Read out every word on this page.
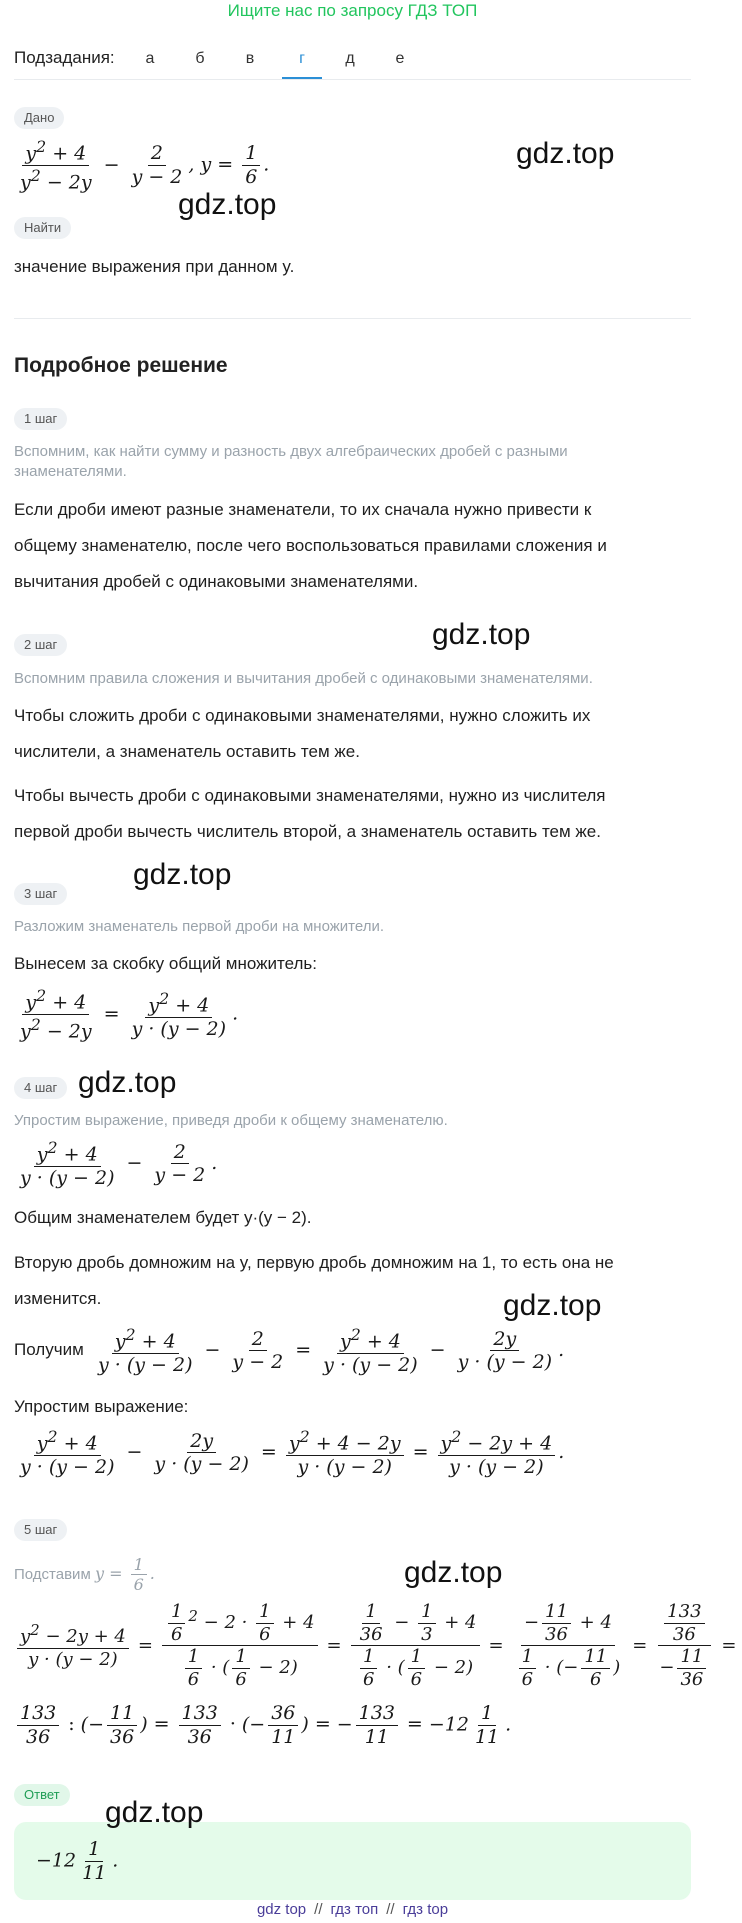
Ищите нас по запросу ГДЗ ТОП
Подзадания:	а	б	в	г	д	е
Дано
$\frac{y^2 + 4}{y^2 - 2y} - \frac{2}{y - 2}$ , $y = \frac{1}{6}$ .
Найти
значение выражения при данном y.
Подробное решение
1 шаг
Вспомним, как найти сумму и разность двух алгебраических дробей с разными знаменателями.
Если дроби имеют разные знаменатели, то их сначала нужно привести к
общему знаменателю, после чего воспользоваться правилами сложения и
вычитания дробей с одинаковыми знаменателями.
2 шаг
Вспомним правила сложения и вычитания дробей с одинаковыми знаменателями.
Чтобы сложить дроби с одинаковыми знаменателями, нужно сложить их
числители, а знаменатель оставить тем же.
Чтобы вычесть дроби с одинаковыми знаменателями, нужно из числителя
первой дроби вычесть числитель второй, а знаменатель оставить тем же.
3 шаг
Разложим знаменатель первой дроби на множители.
Вынесем за скобку общий множитель:
$\frac{y^2 + 4}{y^2 - 2y} = \frac{y^2 + 4}{y \cdot (y - 2)}$ .
4 шаг
Упростим выражение, приведя дроби к общему знаменателю.
$\frac{y^2 + 4}{y \cdot (y - 2)} - \frac{2}{y - 2}$ .
Общим знаменателем будет y·(y − 2).
Вторую дробь домножим на y, первую дробь домножим на 1, то есть она не
изменится.
Получим $\frac{y^2 + 4}{y \cdot (y - 2)} - \frac{2}{y - 2} = \frac{y^2 + 4}{y \cdot (y - 2)} - \frac{2y}{y \cdot (y - 2)}$ .
Упростим выражение:
$\frac{y^2 + 4}{y \cdot (y - 2)} - \frac{2y}{y \cdot (y - 2)} = \frac{y^2 + 4 - 2y}{y \cdot (y - 2)} = \frac{y^2 - 2y + 4}{y \cdot (y - 2)}$ .
5 шаг
Подставим $y = \frac{1}{6}$ .
$\frac{y^2 - 2y + 4}{y \cdot (y - 2)} = \frac{\frac{1}{6} ^2 - 2 \cdot \frac{1}{6} + 4}{\frac{1}{6} \cdot ( \frac{1}{6} - 2)} = \frac{\frac{1}{36} - \frac{1}{3} + 4}{\frac{1}{6} \cdot ( \frac{1}{6} - 2)} = \frac{- \frac{11}{36} + 4}{\frac{1}{6} \cdot (- \frac{11}{6} )} = \frac{\frac{133}{36}}{- \frac{11}{36}}$ =
$\frac{133}{36}$ : (− $\frac{11}{36}$ ) = $\frac{133}{36}$ · (− $\frac{36}{11}$ ) = − $\frac{133}{11} = -12 \frac{1}{11}$ .
Ответ
$-12 \frac{1}{11}$ .
gdz.top
gdz.top
gdz.top
gdz.top
gdz.top
gdz.top
gdz.top
gdz.top
gdz top // гдз топ // гдз top
